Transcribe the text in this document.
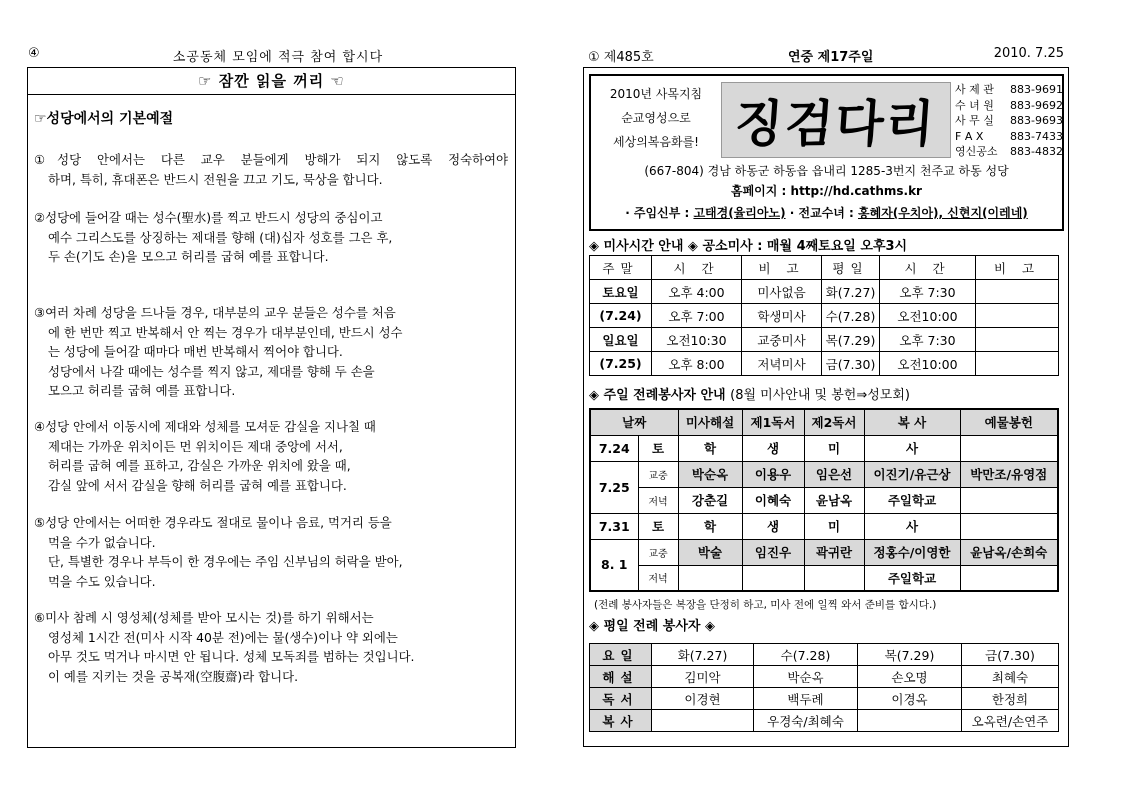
④	소공동체 모임에 적극 참여 합시다
☞ 잠깐 읽을 꺼리 ☜
☞성당에서의 기본예절
①성당 안에서는 다른 교우 분들에게 방해가 되지 않도록 정숙하여야
하며, 특히, 휴대폰은 반드시 전원을 끄고 기도, 묵상을 합니다.
②성당에 들어갈 때는 성수(聖水)를 찍고 반드시 성당의 중심이고
예수 그리스도를 상징하는 제대를 향해 (대)십자 성호를 그은 후,
두 손(기도 손)을 모으고 허리를 굽혀 예를 표합니다.
③여러 차례 성당을 드나들 경우, 대부분의 교우 분들은 성수를 처음
에 한 번만 찍고 반복해서 안 찍는 경우가 대부분인데, 반드시 성수
는 성당에 들어갈 때마다 매번 반복해서 찍어야 합니다.
성당에서 나갈 때에는 성수를 찍지 않고, 제대를 향해 두 손을
모으고 허리를 굽혀 예를 표합니다.
④성당 안에서 이동시에 제대와 성체를 모셔둔 감실을 지나칠 때
제대는 가까운 위치이든 먼 위치이든 제대 중앙에 서서,
허리를 굽혀 예를 표하고, 감실은 가까운 위치에 왔을 때,
감실 앞에 서서 감실을 향해 허리를 굽혀 예를 표합니다.
⑤성당 안에서는 어떠한 경우라도 절대로 물이나 음료, 먹거리 등을
먹을 수가 없습니다.
단, 특별한 경우나 부득이 한 경우에는 주임 신부님의 허락을 받아,
먹을 수도 있습니다.
⑥미사 참례 시 영성체(성체를 받아 모시는 것)를 하기 위해서는
영성체 1시간 전(미사 시작 40분 전)에는 물(생수)이나 약 외에는
아무 것도 먹거나 마시면 안 됩니다. 성체 모독죄를 범하는 것입니다.
이 예를 지키는 것을 공복재(空腹齋)라 합니다.
① 제485호	연중 제17주일	2010. 7.25
2010년 사목지침
순교영성으로
세상의복음화를! 징검다리
사 제 관 883-9691
수 녀 원 883-9692
사 무 실 883-9693
F A X 883-7433
영신공소 883-4832
(667-804) 경남 하동군 하동읍 읍내리 1285-3번지 천주교 하동 성당
홈페이지 : http://hd.cathms.kr
· 주임신부 : 고태경(율리아노) · 전교수녀 : 홍혜자(우치아), 신현지(이레네)
◈ 미사시간 안내 ◈ 공소미사 : 매월 4째토요일 오후3시
주말	시 간	비 고	평일	시 간	비 고
토요일	오후 4:00	미사없음	화(7.27)	오후 7:30	
(7.24)	오후 7:00	학생미사	수(7.28)	오전10:00	
일요일	오전10:30	교중미사	목(7.29)	오후 7:30	
(7.25)	오후 8:00	저녁미사	금(7.30)	오전10:00	
◈ 주일 전례봉사자 안내 (8월 미사안내 및 봉헌⇒성모회)
날짜		미사해설	제1독서	제2독서	복 사	예물봉헌
7.24	토	학	생	미	사	
7.25	교중	박순옥	이용우	임은선	이진기/유근상	박만조/유영점
	저녁	강춘길	이혜숙	윤남옥	주일학교	
7.31	토	학	생	미	사	
8. 1	교중	박술	임진우	곽귀란	정홍수/이영한	윤남옥/손희숙
	저녁				주일학교	
(전례 봉사자들은 복장을 단정히 하고, 미사 전에 일찍 와서 준비를 합시다.)
◈ 평일 전례 봉사자 ◈
요일	화(7.27)	수(7.28)	목(7.29)	금(7.30)
해설	김미악	박순옥	손오명	최혜숙
독서	이경현	백두례	이경옥	한정희
복사		우경숙/최혜숙		오옥련/손연주
